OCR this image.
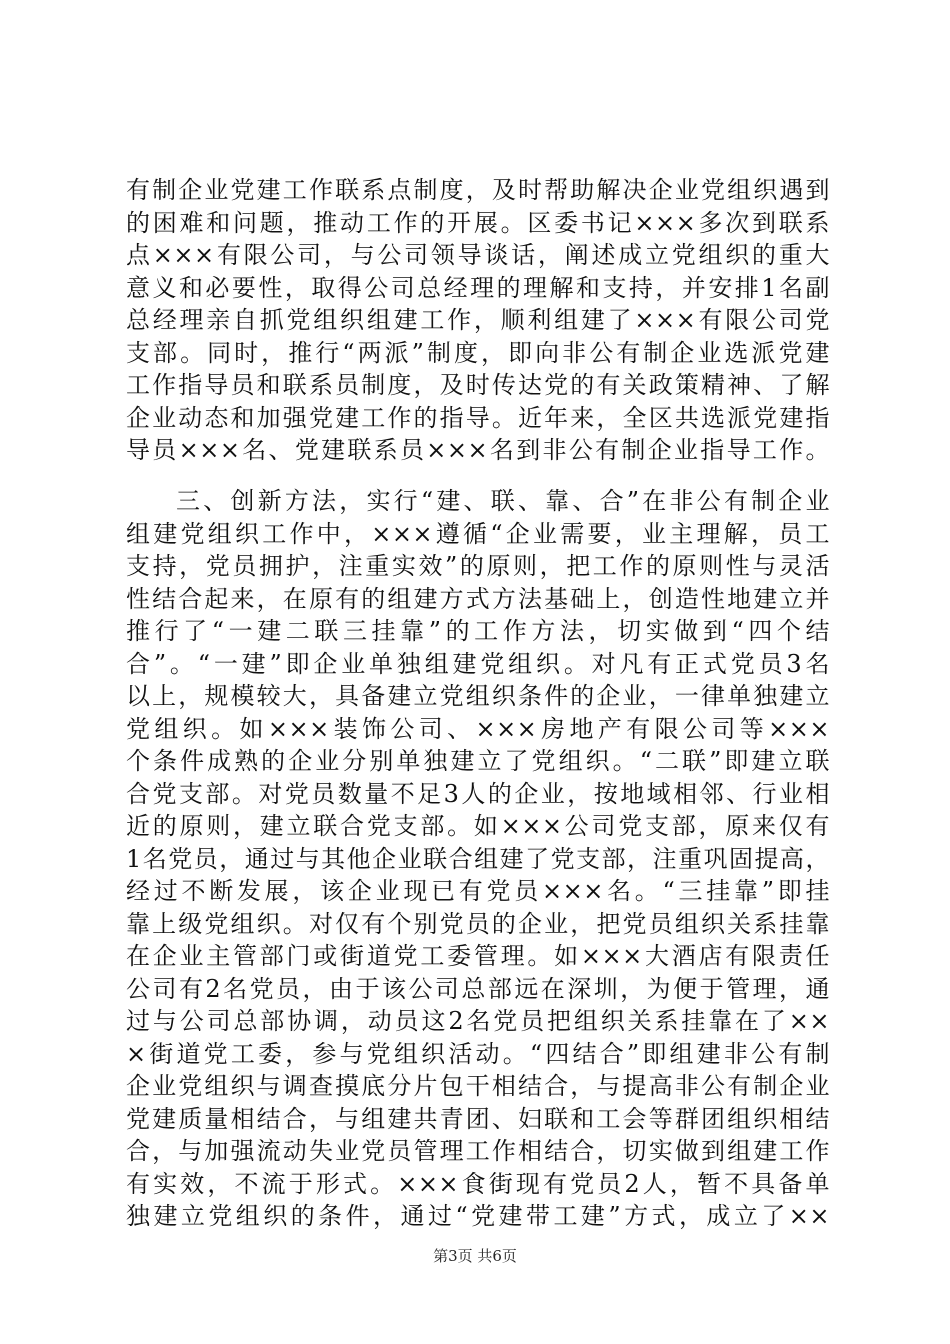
有制企业党建工作联系点制度，及时帮助解决企业党组织遇到
的困难和问题，推动工作的开展。区委书记×××多次到联系
点×××有限公司，与公司领导谈话，阐述成立党组织的重大
意义和必要性，取得公司总经理的理解和支持，并安排1名副
总经理亲自抓党组织组建工作，顺利组建了×××有限公司党
支部。同时，推行“两派”制度，即向非公有制企业选派党建
工作指导员和联系员制度，及时传达党的有关政策精神、了解
企业动态和加强党建工作的指导。近年来，全区共选派党建指
导员×××名、党建联系员×××名到非公有制企业指导工作。
三、创新方法，实行“建、联、靠、合”在非公有制企业
组建党组织工作中，×××遵循“企业需要，业主理解，员工
支持，党员拥护，注重实效”的原则，把工作的原则性与灵活
性结合起来，在原有的组建方式方法基础上，创造性地建立并
推行了“一建二联三挂靠”的工作方法，切实做到“四个结
合”。“一建”即企业单独组建党组织。对凡有正式党员3名
以上，规模较大，具备建立党组织条件的企业，一律单独建立
党组织。如×××装饰公司、×××房地产有限公司等×××
个条件成熟的企业分别单独建立了党组织。“二联”即建立联
合党支部。对党员数量不足3人的企业，按地域相邻、行业相
近的原则，建立联合党支部。如×××公司党支部，原来仅有
1名党员，通过与其他企业联合组建了党支部，注重巩固提高，
经过不断发展，该企业现已有党员×××名。“三挂靠”即挂
靠上级党组织。对仅有个别党员的企业，把党员组织关系挂靠
在企业主管部门或街道党工委管理。如×××大酒店有限责任
公司有2名党员，由于该公司总部远在深圳，为便于管理，通
过与公司总部协调，动员这2名党员把组织关系挂靠在了××
×街道党工委，参与党组织活动。“四结合”即组建非公有制
企业党组织与调查摸底分片包干相结合，与提高非公有制企业
党建质量相结合，与组建共青团、妇联和工会等群团组织相结
合，与加强流动失业党员管理工作相结合，切实做到组建工作
有实效，不流于形式。×××食街现有党员2人，暂不具备单
独建立党组织的条件，通过“党建带工建”方式，成立了××
第3页 共6页
